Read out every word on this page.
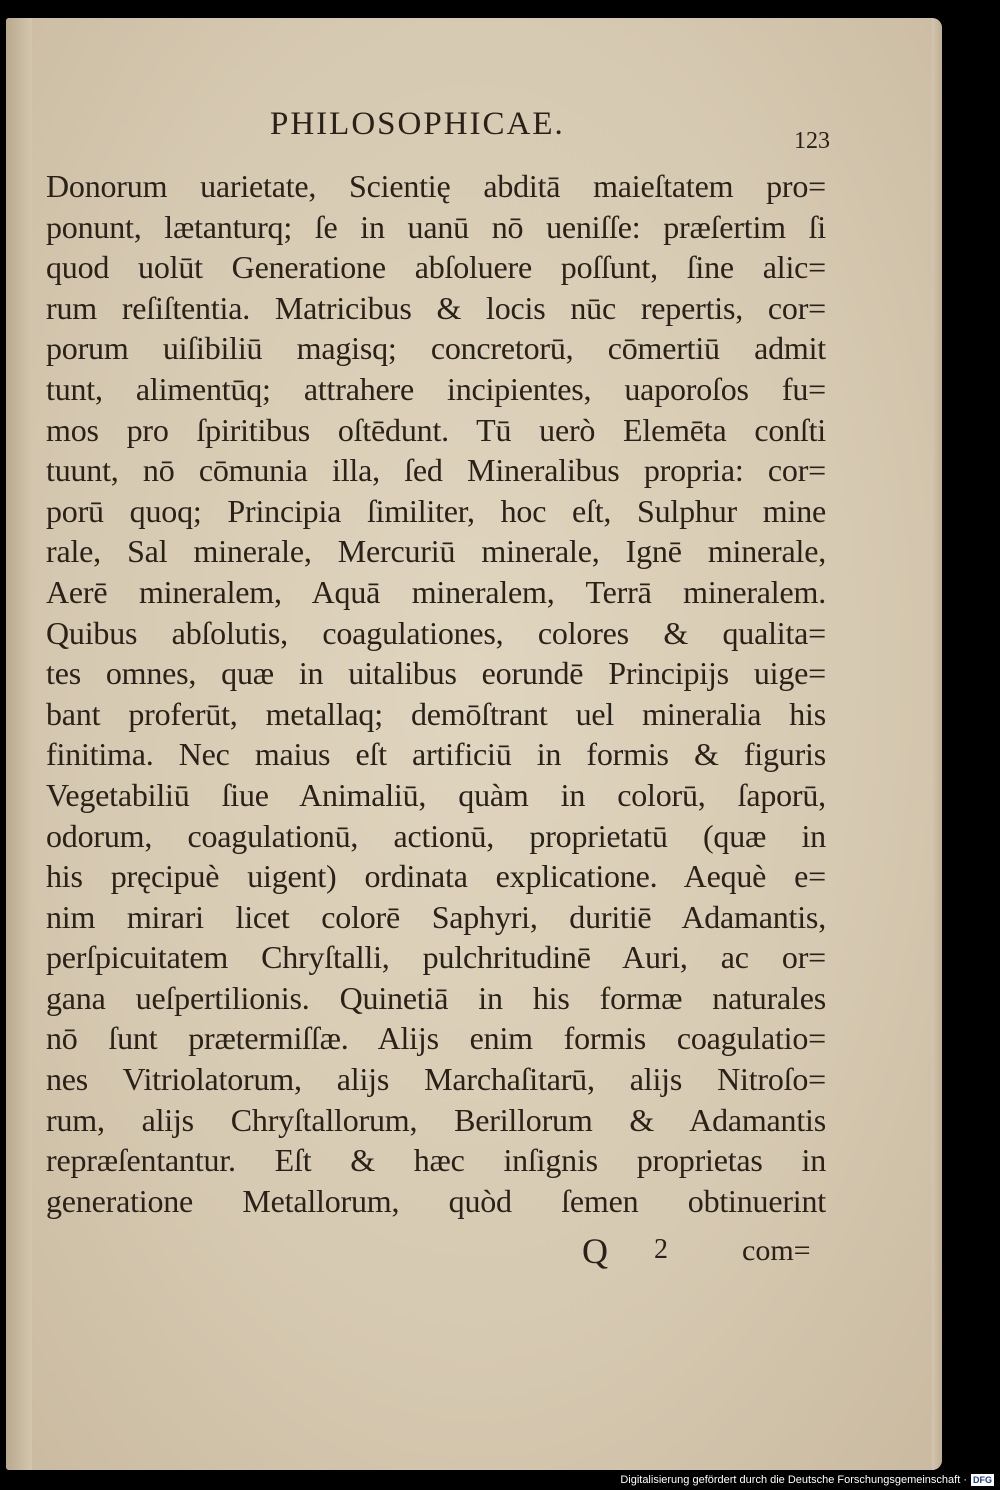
PHILOSOPHICAE.	123
Donorum uarietate, Scientię abditā maieſtatem pro=
ponunt, lætanturq; ſe in uanū nō ueniſſe: præſertim ſi
quod uolūt Generatione abſoluere poſſunt, ſine alic=
rum reſiſtentia. Matricibus & locis nūc repertis, cor=
porum uiſibiliū magisq; concretorū, cōmertiū admit
tunt, alimentūq; attrahere incipientes, uaporoſos fu=
mos pro ſpiritibus oſtēdunt. Tū uerò Elemēta conſti
tuunt, nō cōmunia illa, ſed Mineralibus propria: cor=
porū quoq; Principia ſimiliter, hoc eſt, Sulphur mine
rale, Sal minerale, Mercuriū minerale, Ignē minerale,
Aerē mineralem, Aquā mineralem, Terrā mineralem.
Quibus abſolutis, coagulationes, colores & qualita=
tes omnes, quæ in uitalibus eorundē Principijs uige=
bant proferūt, metallaq; demōſtrant uel mineralia his
finitima. Nec maius eſt artificiū in formis & figuris
Vegetabiliū ſiue Animaliū, quàm in colorū, ſaporū,
odorum, coagulationū, actionū, proprietatū (quæ in
his pręcipuè uigent) ordinata explicatione. Aequè e=
nim mirari licet colorē Saphyri, duritiē Adamantis,
perſpicuitatem Chryſtalli, pulchritudinē Auri, ac or=
gana ueſpertilionis. Quinetiā in his formæ naturales
nō ſunt prætermiſſæ. Alijs enim formis coagulatio=
nes Vitriolatorum, alijs Marchaſitarū, alijs Nitroſo=
rum, alijs Chryſtallorum, Berillorum & Adamantis
repræſentantur. Eſt & hæc inſignis proprietas in
generatione Metallorum, quòd ſemen obtinuerint
Q 2 com=
Digitalisierung gefördert durch die Deutsche Forschungsgemeinschaft · DFG
